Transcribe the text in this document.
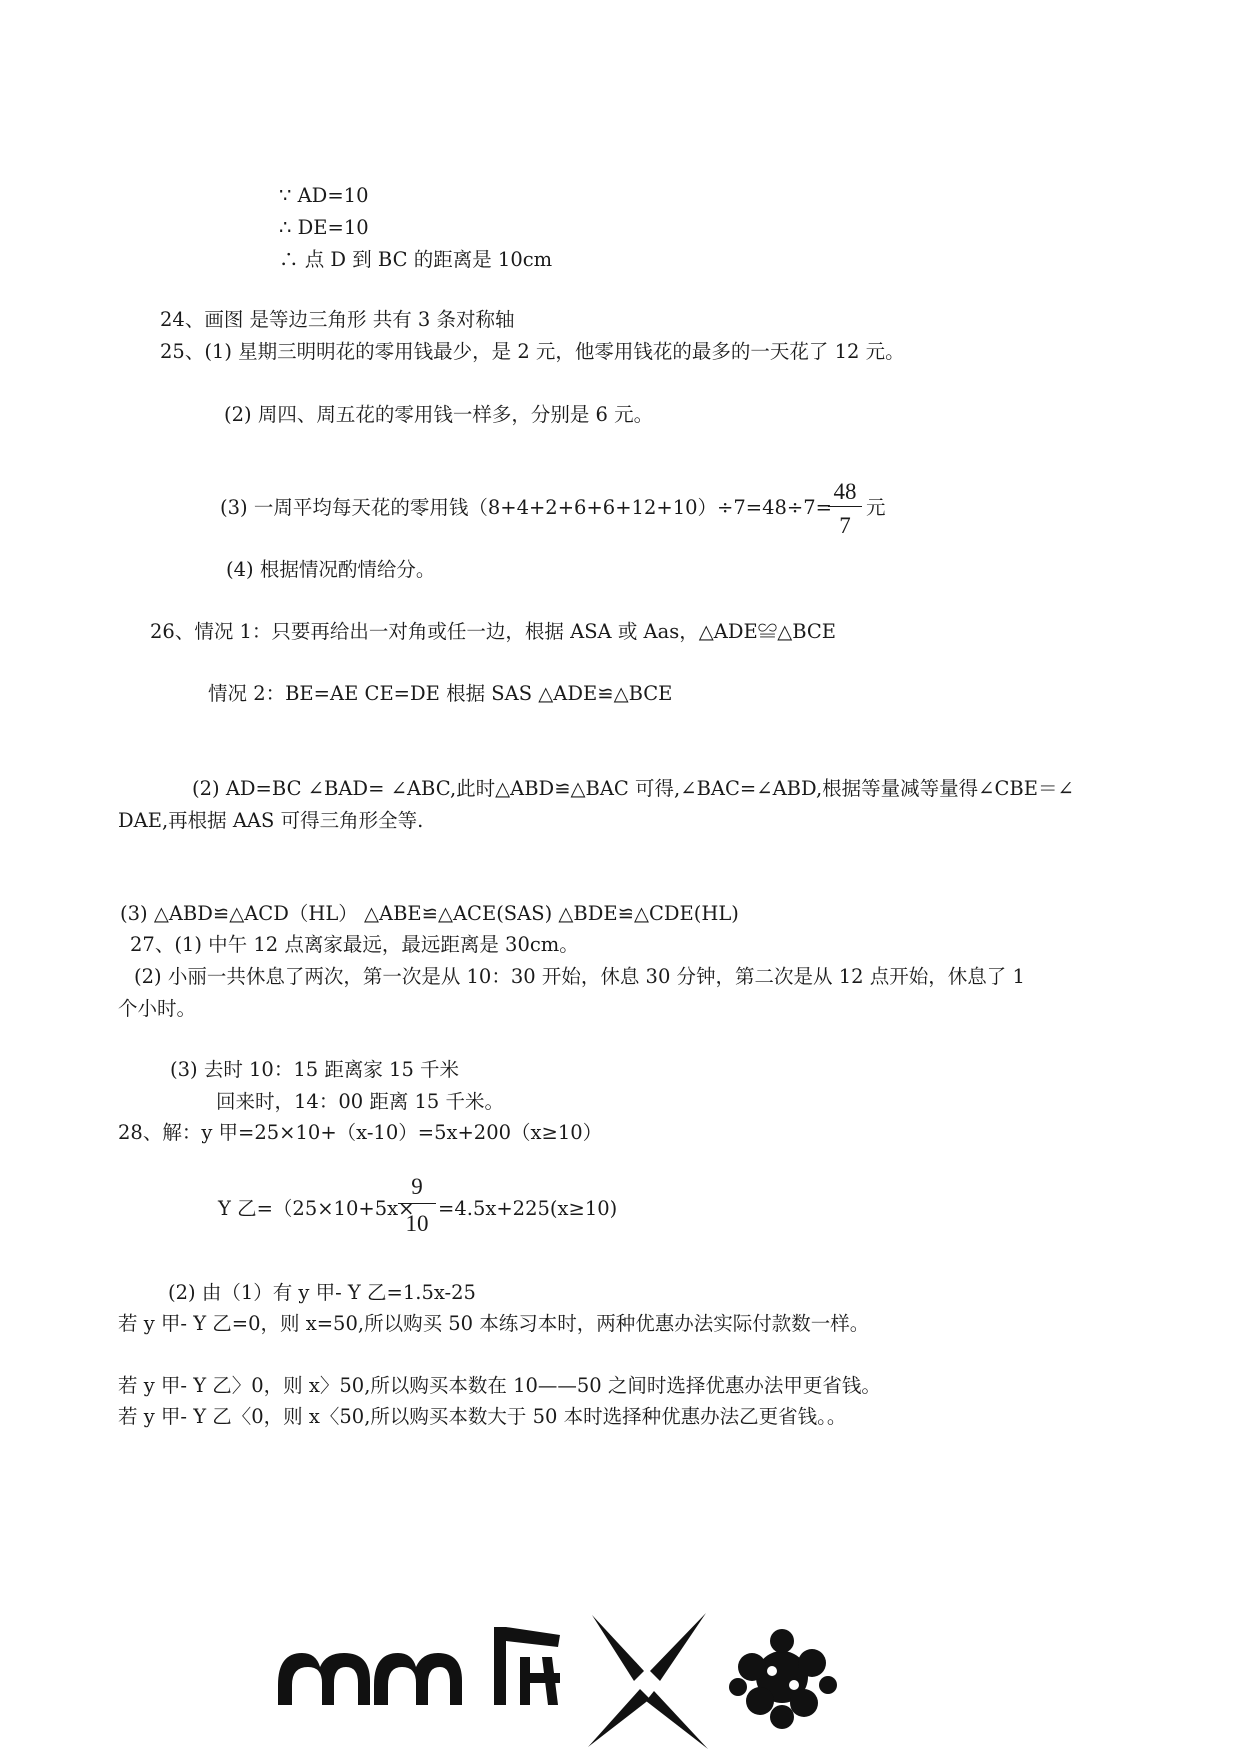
∵ AD=10
∴ DE=10
∴ 点 D 到 BC 的距离是 10cm
24、画图 是等边三角形 共有 3 条对称轴
25、(1) 星期三明明花的零用钱最少，是 2 元，他零用钱花的最多的一天花了 12 元。
(2) 周四、周五花的零用钱一样多，分别是 6 元。
(3) 一周平均每天花的零用钱（8+4+2+6+6+12+10）÷7=48÷7=
48
7
元
(4) 根据情况酌情给分。
26、情况 1：只要再给出一对角或任一边，根据 ASA 或 Aas，△ADE≌△BCE
情况 2：BE=AE CE=DE 根据 SAS △ADE≌△BCE
(2) AD=BC ∠BAD= ∠ABC,此时△ABD≌△BAC 可得,∠BAC=∠ABD,根据等量减等量得∠CBE＝∠
DAE,再根据 AAS 可得三角形全等.
(3) △ABD≌△ACD（HL） △ABE≌△ACE(SAS) △BDE≌△CDE(HL)
27、(1) 中午 12 点离家最远，最远距离是 30cm。
(2) 小丽一共休息了两次，第一次是从 10：30 开始，休息 30 分钟，第二次是从 12 点开始，休息了 1
个小时。
(3) 去时 10：15 距离家 15 千米
回来时，14：00 距离 15 千米。
28、解：y 甲=25×10+（x-10）=5x+200（x≥10）
Y 乙=（25×10+5x×
9
10
=4.5x+225(x≥10)
(2) 由（1）有 y 甲- Y 乙=1.5x-25
若 y 甲- Y 乙=0，则 x=50,所以购买 50 本练习本时，两种优惠办法实际付款数一样。
若 y 甲- Y 乙〉0，则 x〉50,所以购买本数在 10——50 之间时选择优惠办法甲更省钱。
若 y 甲- Y 乙〈0，则 x〈50,所以购买本数大于 50 本时选择种优惠办法乙更省钱。。
